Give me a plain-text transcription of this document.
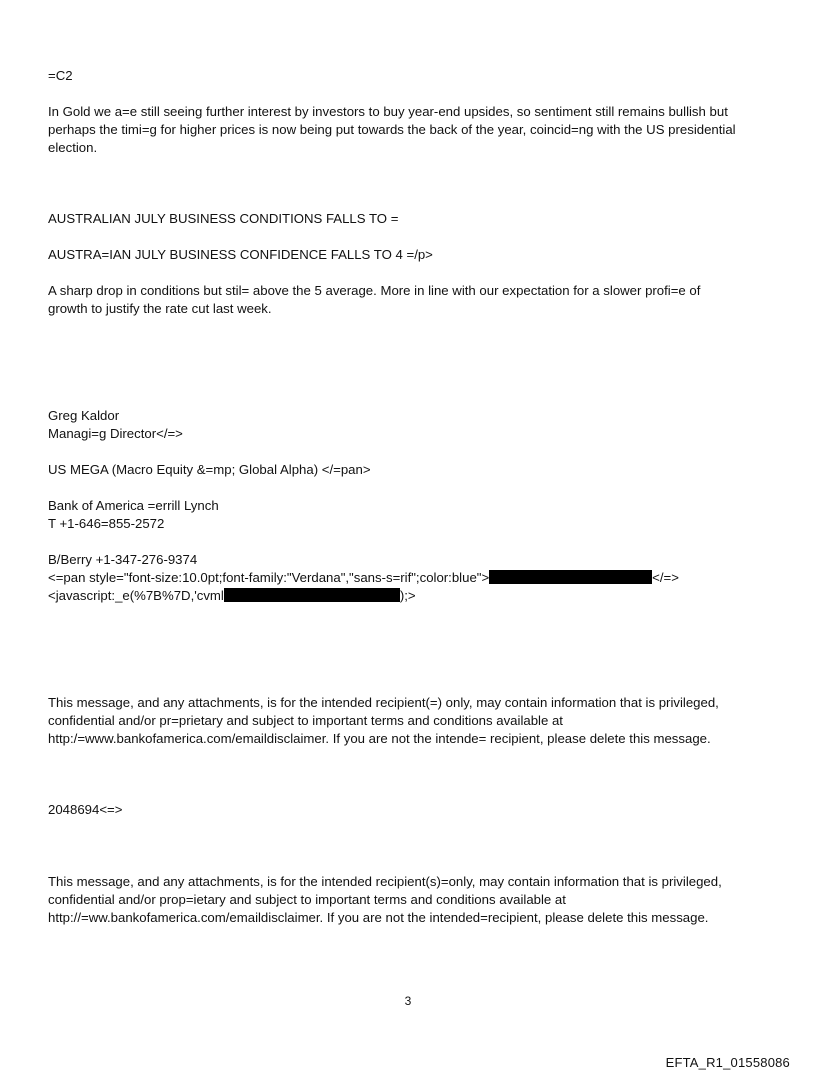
=C2
In Gold we a=e still seeing further interest by investors to buy year-end upsides, so sentiment still remains bullish but
perhaps the timi=g for higher prices is now being put towards the back of the year, coincid=ng with the US presidential
election.
AUSTRALIAN JULY BUSINESS CONDITIONS FALLS TO =
AUSTRA=IAN JULY BUSINESS CONFIDENCE FALLS TO 4 =/p>
A sharp drop in conditions but stil= above the 5 average. More in line with our expectation for a slower profi=e of
growth to justify the rate cut last week.
Greg Kaldor
Managi=g Director</=>
US MEGA (Macro Equity &=mp; Global Alpha) </=pan>
Bank of America =errill Lynch
T +1-646=855-2572
B/Berry +1-347-276-9374
<=pan style="font-size:10.0pt;font-family:"Verdana","sans-s=rif";color:blue">	</=>
<javascript:_e(%7B%7D,'cvml	);>
This message, and any attachments, is for the intended recipient(=) only, may contain information that is privileged,
confidential and/or pr=prietary and subject to important terms and conditions available at
http:/=www.bankofamerica.com/emaildisclaimer. If you are not the intende= recipient, please delete this message.
2048694<=>
This message, and any attachments, is for the intended recipient(s)=only, may contain information that is privileged,
confidential and/or prop=ietary and subject to important terms and conditions available at
http://=ww.bankofamerica.com/emaildisclaimer. If you are not the intended=recipient, please delete this message.
3
EFTA_R1_01558086
